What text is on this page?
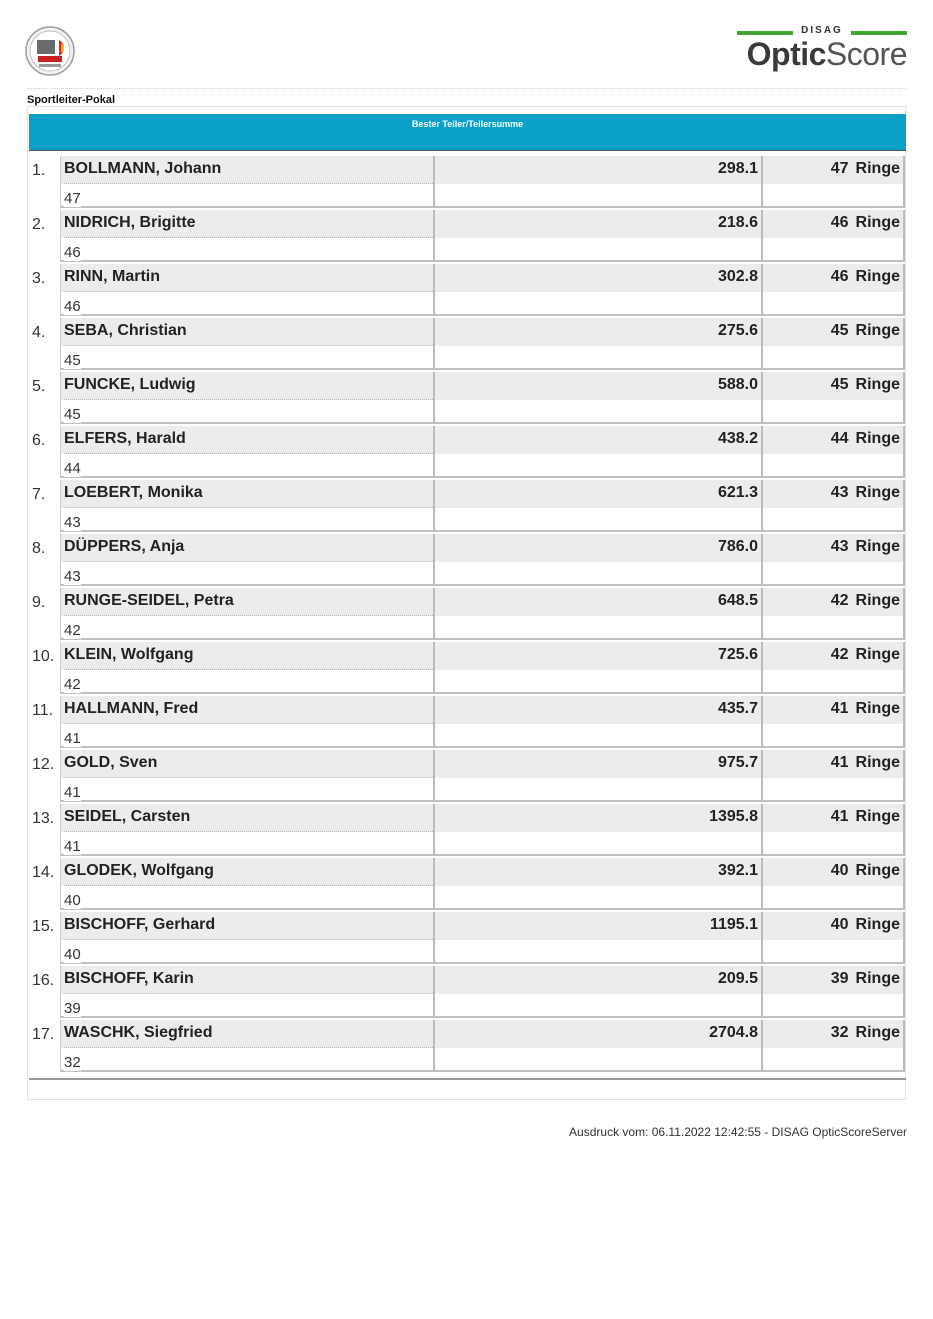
DISAG
OpticScore
Sportleiter-Pokal
Bester Teiler/Teilersumme
1.	BOLLMANN, Johann
47
298.1	47 Ringe
2.	NIDRICH, Brigitte
46
218.6	46 Ringe
3.	RINN, Martin
46
302.8	46 Ringe
4.	SEBA, Christian
45
275.6	45 Ringe
5.	FUNCKE, Ludwig
45
588.0	45 Ringe
6.	ELFERS, Harald
44
438.2	44 Ringe
7.	LOEBERT, Monika
43
621.3	43 Ringe
8.	DÜPPERS, Anja
43
786.0	43 Ringe
9.	RUNGE-SEIDEL, Petra
42
648.5	42 Ringe
10. KLEIN, Wolfgang
42
725.6	42 Ringe
11. HALLMANN, Fred
41
435.7	41 Ringe
12. GOLD, Sven
41
975.7	41 Ringe
13. SEIDEL, Carsten
41
1395.8	41 Ringe
14. GLODEK, Wolfgang
40
392.1	40 Ringe
15. BISCHOFF, Gerhard
40
1195.1	40 Ringe
16. BISCHOFF, Karin
39
209.5	39 Ringe
17. WASCHK, Siegfried
32
2704.8	32 Ringe
Ausdruck vom: 06.11.2022 12:42:55 - DISAG OpticScoreServer
